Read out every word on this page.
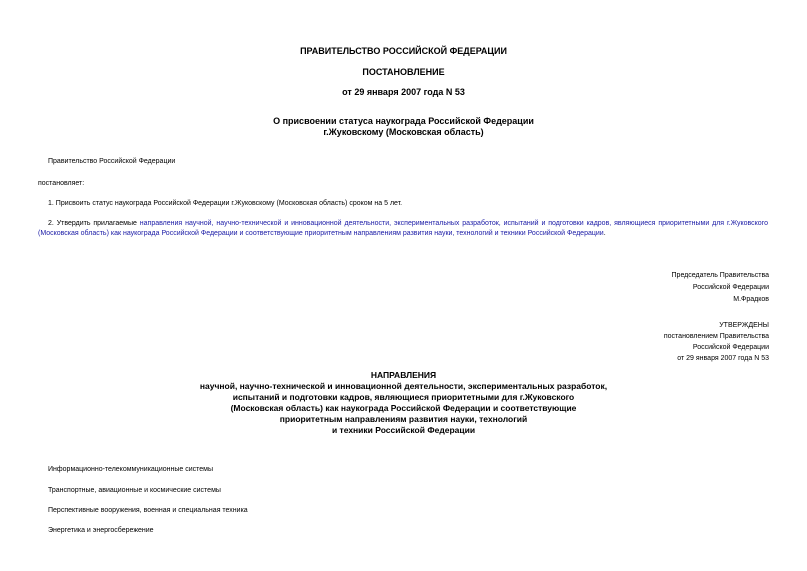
ПРАВИТЕЛЬСТВО РОССИЙСКОЙ ФЕДЕРАЦИИ
ПОСТАНОВЛЕНИЕ
от 29 января 2007 года N 53
О присвоении статуса наукограда Российской Федерации
г.Жуковскому (Московская область)
Правительство Российской Федерации
постановляет:
1. Присвоить статус наукограда Российской Федерации г.Жуковскому (Московская область) сроком на 5 лет.
2. Утвердить прилагаемые направления научной, научно-технической и инновационной деятельности, экспериментальных разработок, испытаний и подготовки кадров, являющиеся приоритетными для г.Жуковского (Московская область) как наукограда Российской Федерации и соответствующие приоритетным направлениям развития науки, технологий и техники Российской Федерации.
Председатель Правительства
Российской Федерации
М.Фрадков
УТВЕРЖДЕНЫ
постановлением Правительства
Российской Федерации
от 29 января 2007 года N 53
НАПРАВЛЕНИЯ
научной, научно-технической и инновационной деятельности, экспериментальных разработок,
испытаний и подготовки кадров, являющиеся приоритетными для г.Жуковского
(Московская область) как наукограда Российской Федерации и соответствующие
приоритетным направлениям развития науки, технологий
и техники Российской Федерации
Информационно-телекоммуникационные системы
Транспортные, авиационные и космические системы
Перспективные вооружения, военная и специальная техника
Энергетика и энергосбережение
